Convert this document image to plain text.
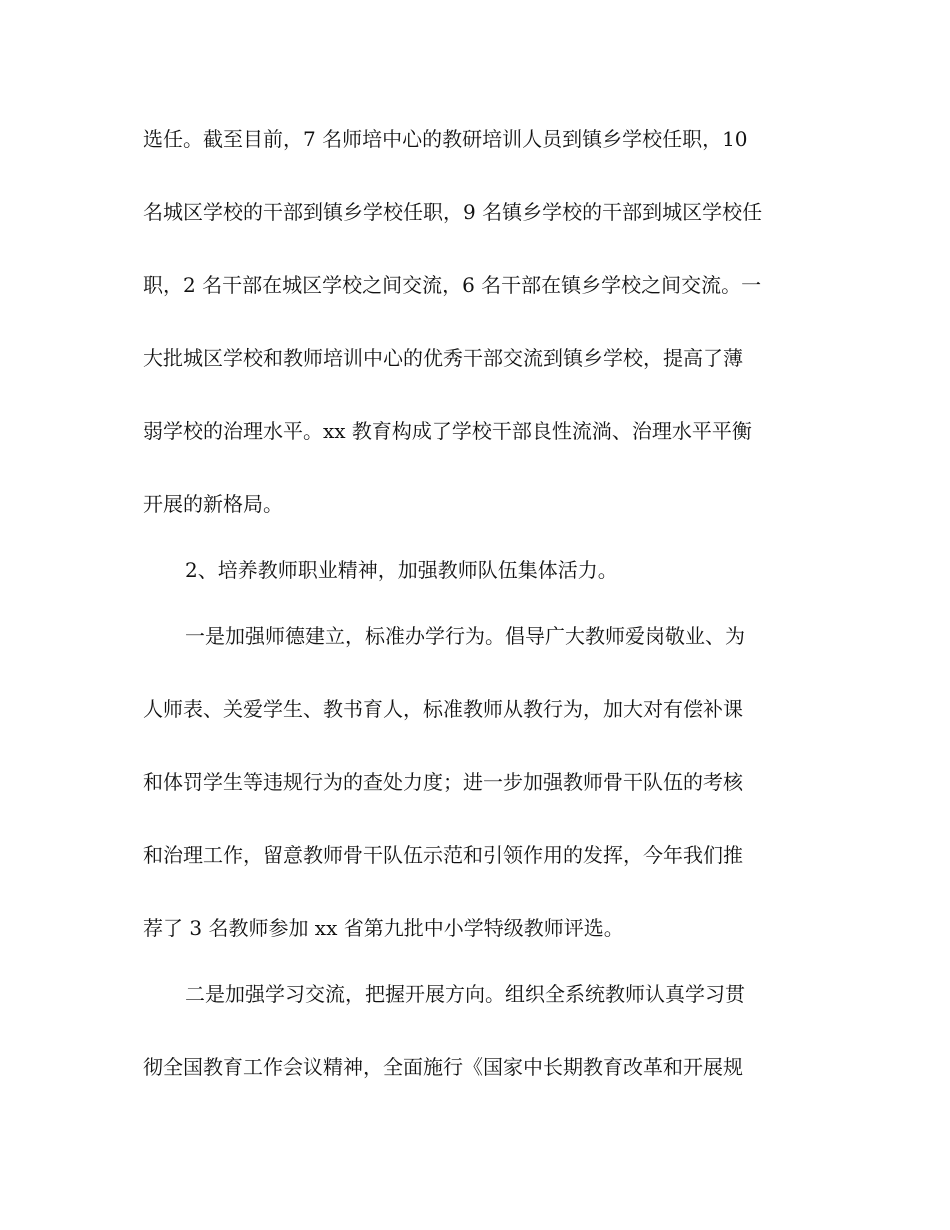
选任。截至目前，7 名师培中心的教研培训人员到镇乡学校任职，10
名城区学校的干部到镇乡学校任职，9 名镇乡学校的干部到城区学校任
职，2 名干部在城区学校之间交流，6 名干部在镇乡学校之间交流。一
大批城区学校和教师培训中心的优秀干部交流到镇乡学校，提高了薄
弱学校的治理水平。xx 教育构成了学校干部良性流淌、治理水平平衡
开展的新格局。
2、培养教师职业精神，加强教师队伍集体活力。
一是加强师德建立，标准办学行为。倡导广大教师爱岗敬业、为
人师表、关爱学生、教书育人，标准教师从教行为，加大对有偿补课
和体罚学生等违规行为的查处力度；进一步加强教师骨干队伍的考核
和治理工作，留意教师骨干队伍示范和引领作用的发挥，今年我们推
荐了 3 名教师参加 xx 省第九批中小学特级教师评选。
二是加强学习交流，把握开展方向。组织全系统教师认真学习贯
彻全国教育工作会议精神，全面施行《国家中长期教育改革和开展规
